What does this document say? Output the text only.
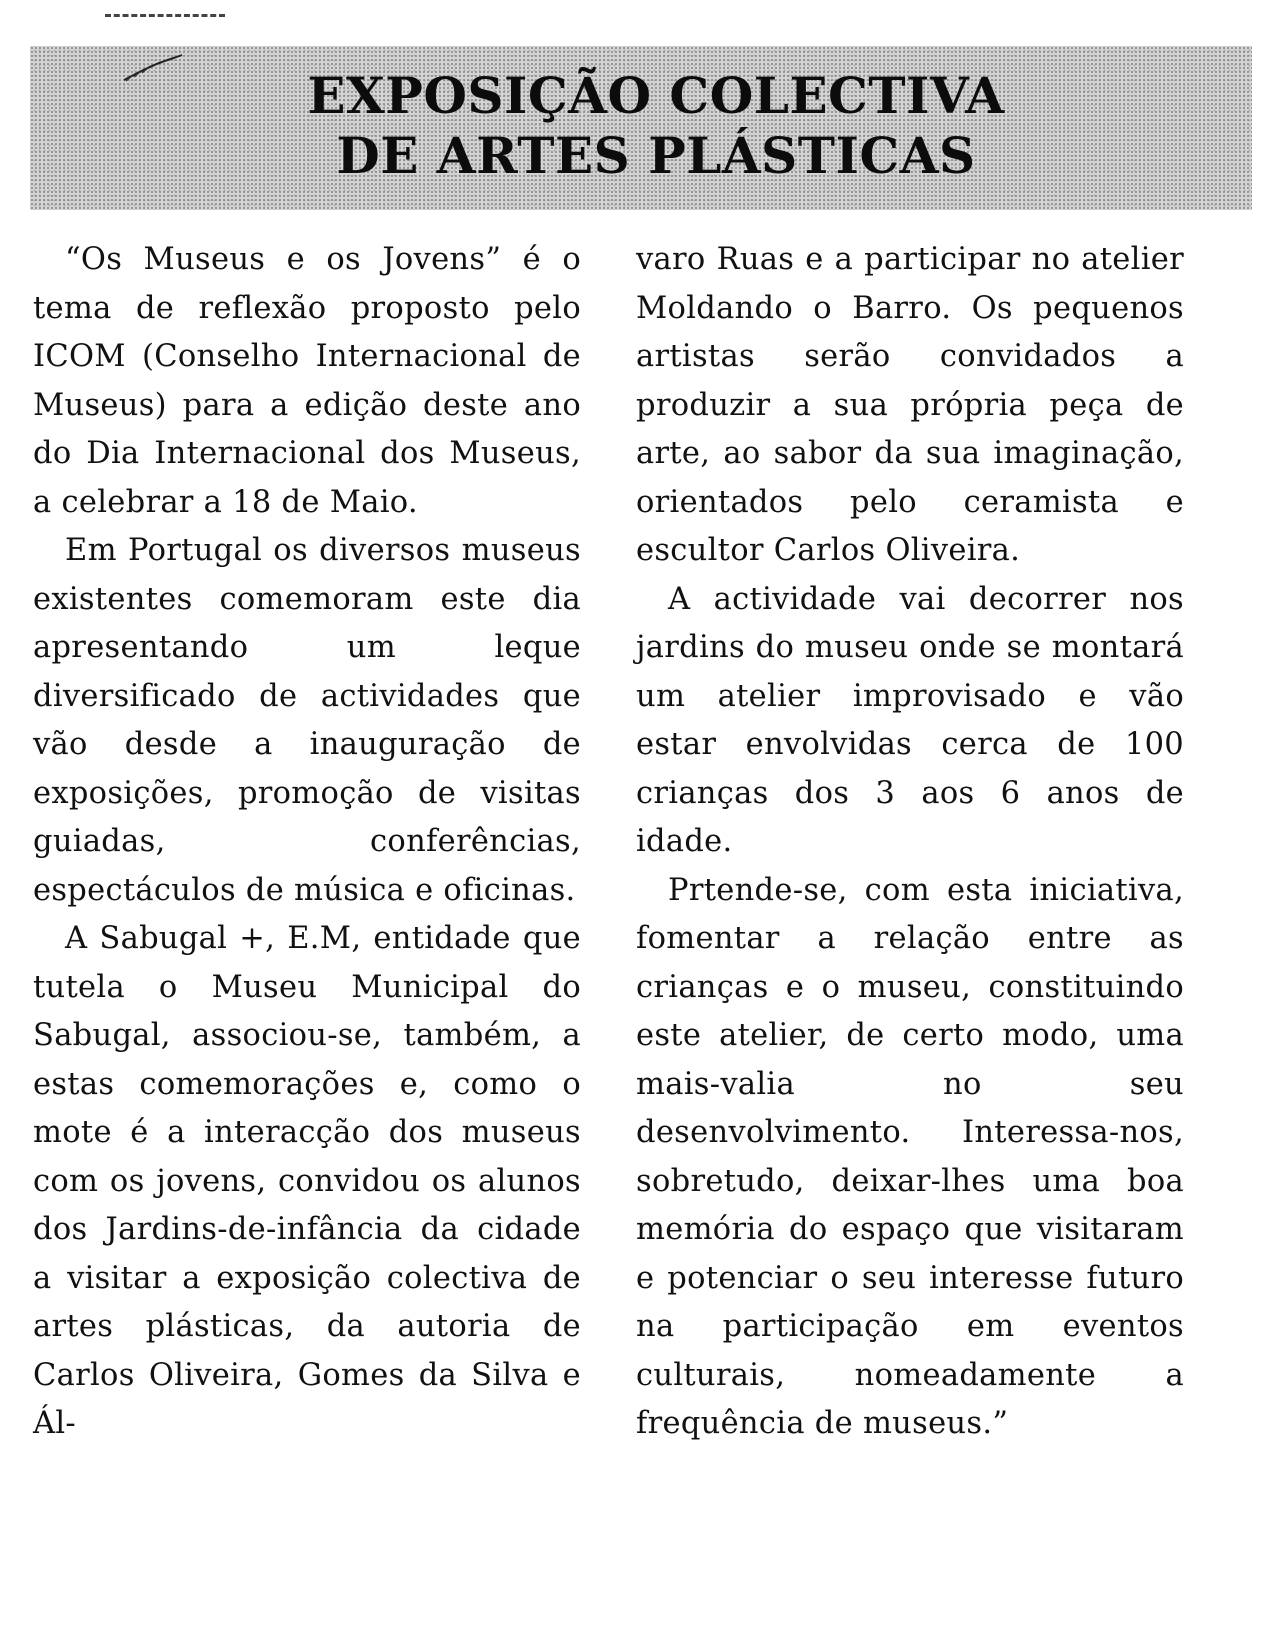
EXPOSIÇÃO COLECTIVA
DE ARTES PLÁSTICAS

“Os Museus e os Jovens” é o tema de reflexão proposto pelo ICOM (Conselho Internacional de Museus) para a edição deste ano do Dia Internacional dos Museus, a celebrar a 18 de Maio.

Em Portugal os diversos museus existentes comemoram este dia apresentando um leque diversificado de actividades que vão desde a inauguração de exposições, promoção de visitas guiadas, conferências, espectáculos de música e oficinas.

A Sabugal +, E.M, entidade que tutela o Museu Municipal do Sabugal, associou-se, também, a estas comemorações e, como o mote é a interacção dos museus com os jovens, convidou os alunos dos Jardins-de-infância da cidade a visitar a exposição colectiva de artes plásticas, da autoria de Carlos Oliveira, Gomes da Silva e Ál-

varo Ruas e a participar no atelier Moldando o Barro. Os pequenos artistas serão convidados a produzir a sua própria peça de arte, ao sabor da sua imaginação, orientados pelo ceramista e escultor Carlos Oliveira.

A actividade vai decorrer nos jardins do museu onde se montará um atelier improvisado e vão estar envolvidas cerca de 100 crianças dos 3 aos 6 anos de idade.

Prtende-se, com esta iniciativa, fomentar a relação entre as crianças e o museu, constituindo este atelier, de certo modo, uma mais-valia no seu desenvolvimento. Interessa-nos, sobretudo, deixar-lhes uma boa memória do espaço que visitaram e potenciar o seu interesse futuro na participação em eventos culturais, nomeadamente a frequência de museus.”
